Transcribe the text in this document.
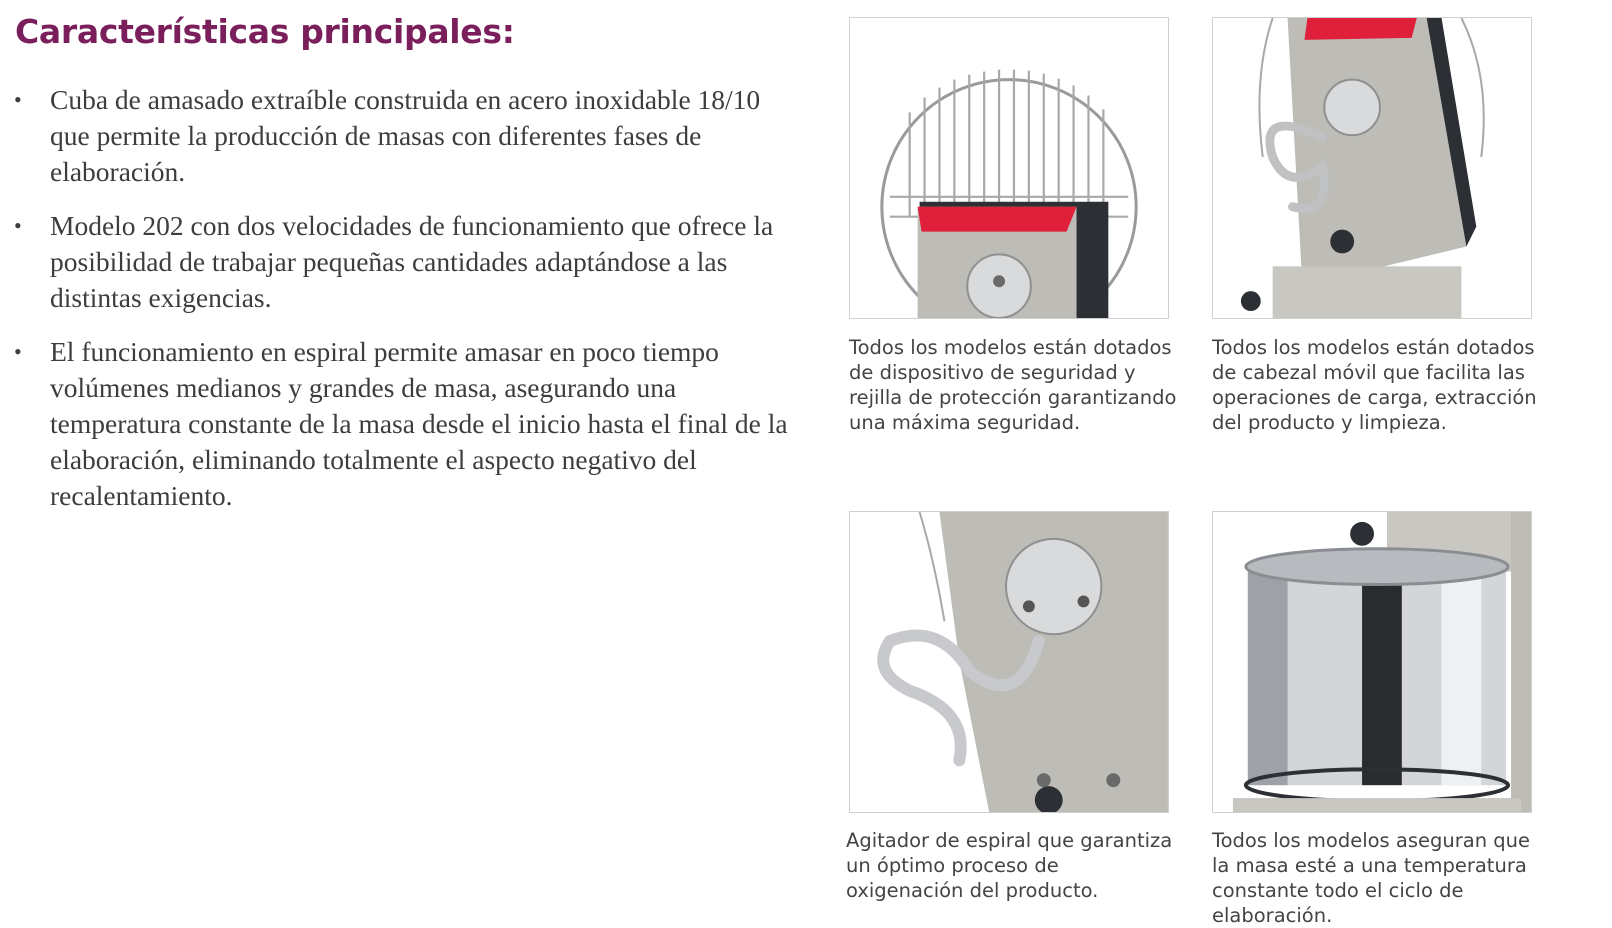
Características principales:
• Cuba de amasado extraíble construida en acero inoxidable 18/10 que permite la producción de masas con diferentes fases de elaboración.
• Modelo 202 con dos velocidades de funcionamiento que ofrece la posibilidad de trabajar pequeñas cantidades adaptándose a las distintas exigencias.
• El funcionamiento en espiral permite amasar en poco tiempo volúmenes medianos y grandes de masa, asegurando una temperatura constante de la masa desde el inicio hasta el final de la elaboración, eliminando totalmente el aspecto negativo del recalentamiento.

Todos los modelos están dotados de dispositivo de seguridad y rejilla de protección garantizando una máxima seguridad.

Todos los modelos están dotados de cabezal móvil que facilita las operaciones de carga, extracción del producto y limpieza.

Agitador de espiral que garantiza un óptimo proceso de oxigenación del producto.

Todos los modelos aseguran que la masa esté a una temperatura constante todo el ciclo de elaboración.
